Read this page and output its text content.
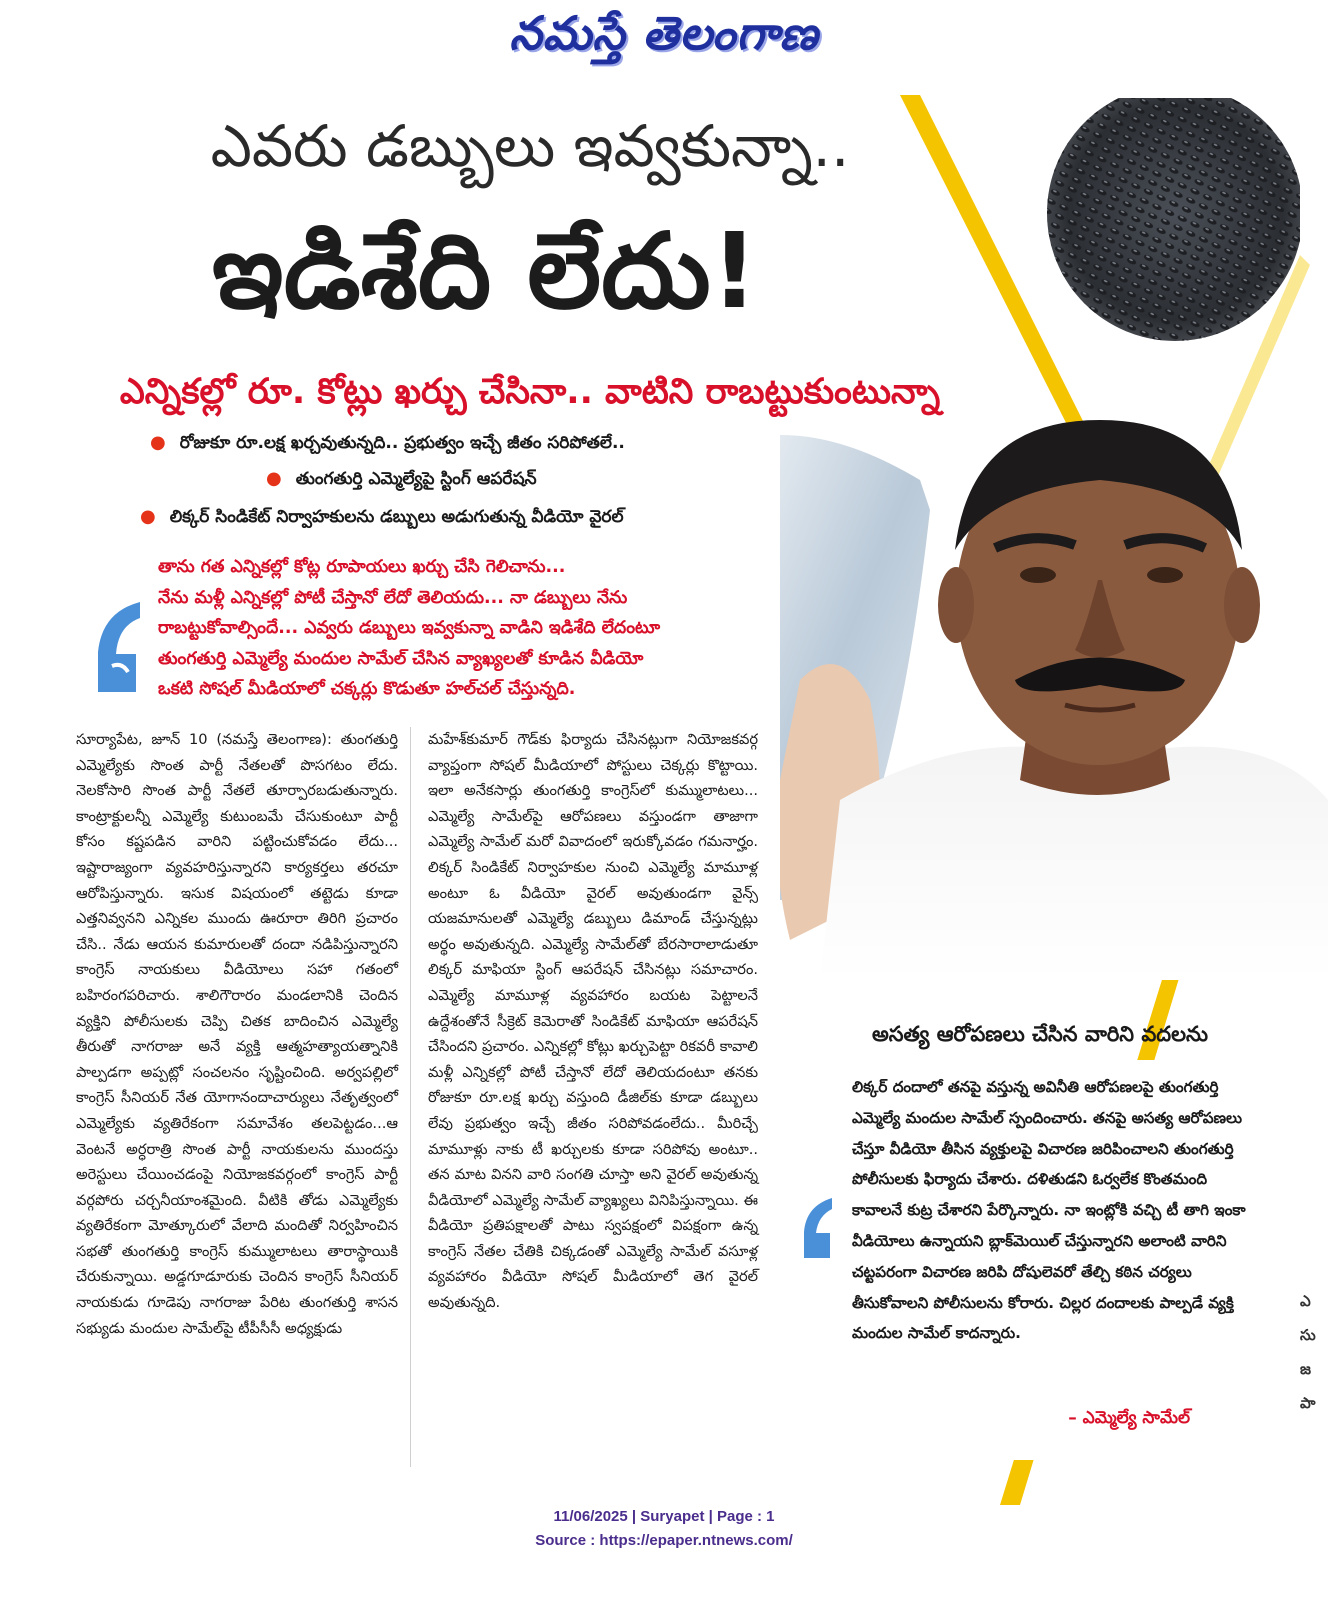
నమస్తే తెలంగాణ
ఎవరు డబ్బులు ఇవ్వకున్నా..
ఇడిశేది లేదు!
ఎన్నికల్లో రూ. కోట్లు ఖర్చు చేసినా.. వాటిని రాబట్టుకుంటున్నా
● రోజుకూ రూ.లక్ష ఖర్చవుతున్నది.. ప్రభుత్వం ఇచ్చే జీతం సరిపోతలే..
● తుంగతుర్తి ఎమ్మెల్యేపై స్టింగ్ ఆపరేషన్
● లిక్కర్ సిండికేట్ నిర్వాహకులను డబ్బులు అడుగుతున్న వీడియో వైరల్
తాను గత ఎన్నికల్లో కోట్ల రూపాయలు ఖర్చు చేసి గెలిచాను...
నేను మళ్లీ ఎన్నికల్లో పోటీ చేస్తానో లేదో తెలియదు... నా డబ్బులు నేను
రాబట్టుకోవాల్సిందే... ఎవ్వరు డబ్బులు ఇవ్వకున్నా వాడిని ఇడిశేది లేదంటూ
తుంగతుర్తి ఎమ్మెల్యే మందుల సామేల్ చేసిన వ్యాఖ్యలతో కూడిన వీడియో
ఒకటి సోషల్ మీడియాలో చక్కర్లు కొడుతూ హల్‌చల్ చేస్తున్నది.
సూర్యాపేట, జూన్ 10 (నమస్తే తెలంగాణ): తుంగతుర్తి ఎమ్మెల్యేకు సొంత పార్టీ నేతలతో పొసగటం లేదు. నెలకోసారి సొంత పార్టీ నేతలే తూర్పారబడుతున్నారు. కాంట్రాక్టులన్నీ ఎమ్మెల్యే కుటుంబమే చేసుకుంటూ పార్టీ కోసం కష్టపడిన వారిని పట్టించుకోవడం లేదు... ఇష్టారాజ్యంగా వ్యవహరిస్తున్నారని కార్యకర్తలు తరచూ ఆరోపిస్తున్నారు. ఇసుక విషయంలో తట్టెడు కూడా ఎత్తనివ్వనని ఎన్నికల ముందు ఊరూరా తిరిగి ప్రచారం చేసి.. నేడు ఆయన కుమారులతో దందా నడిపిస్తున్నారని కాంగ్రెస్ నాయకులు వీడియోలు సహా గతంలో బహిరంగపరిచారు. శాలిగౌరారం మండలానికి చెందిన వ్యక్తిని పోలీసులకు చెప్పి చితక బాదించిన ఎమ్మెల్యే తీరుతో నాగరాజు అనే వ్యక్తి ఆత్మహత్యాయత్నానికి పాల్పడగా అప్పట్లో సంచలనం సృష్టించింది. అర్వపల్లిలో కాంగ్రెస్ సీనియర్ నేత యోగానందాచార్యులు నేతృత్వంలో ఎమ్మెల్యేకు వ్యతిరేకంగా సమావేశం తలపెట్టడం...ఆ వెంటనే అర్ధరాత్రి సొంత పార్టీ నాయకులను ముందస్తు అరెస్టులు చేయించడంపై నియోజకవర్గంలో కాంగ్రెస్ పార్టీ వర్గపోరు చర్చనీయాంశమైంది. వీటికి తోడు ఎమ్మెల్యేకు వ్యతిరేకంగా మోత్కూరులో వేలాది మందితో నిర్వహించిన సభతో తుంగతుర్తి కాంగ్రెస్ కుమ్ములాటలు తారాస్థాయికి చేరుకున్నాయి. అడ్డగూడూరుకు చెందిన కాంగ్రెస్ సీనియర్ నాయకుడు గూడెపు నాగరాజు పేరిట తుంగతుర్తి శాసన సభ్యుడు మందుల సామేల్‌పై టీపీసీసీ అధ్యక్షుడు
మహేశ్‌కుమార్ గౌడ్‌కు ఫిర్యాదు చేసినట్లుగా నియోజకవర్గ వ్యాప్తంగా సోషల్ మీడియాలో పోస్టులు చెక్కర్లు కొట్టాయి. ఇలా అనేకసార్లు తుంగతుర్తి కాంగ్రెస్‌లో కుమ్ములాటలు... ఎమ్మెల్యే సామేల్‌పై ఆరోపణలు వస్తుండగా తాజాగా ఎమ్మెల్యే సామేల్ మరో వివాదంలో ఇరుక్కోవడం గమనార్హం. లిక్కర్ సిండికేట్ నిర్వాహకుల నుంచి ఎమ్మెల్యే మామూళ్ల అంటూ ఓ వీడియో వైరల్ అవుతుండగా వైన్స్ యజమానులతో ఎమ్మెల్యే డబ్బులు డిమాండ్ చేస్తున్నట్లు అర్థం అవుతున్నది. ఎమ్మెల్యే సామేల్‌తో బేరసారాలాడుతూ లిక్కర్ మాఫియా స్టింగ్ ఆపరేషన్ చేసినట్లు సమాచారం. ఎమ్మెల్యే మామూళ్ల వ్యవహారం బయట పెట్టాలనే ఉద్దేశంతోనే సీక్రెట్ కెమెరాతో సిండికేట్ మాఫియా ఆపరేషన్ చేసిందని ప్రచారం. ఎన్నికల్లో కోట్లు ఖర్చుపెట్టా రికవరీ కావాలి మళ్లీ ఎన్నికల్లో పోటీ చేస్తానో లేదో తెలియదంటూ తనకు రోజుకూ రూ.లక్ష ఖర్చు వస్తుంది డీజిల్‌కు కూడా డబ్బులు లేవు ప్రభుత్వం ఇచ్చే జీతం సరిపోవడంలేదు.. మీరిచ్చే మామూళ్లు నాకు టీ ఖర్చులకు కూడా సరిపోవు అంటూ.. తన మాట వినని వారి సంగతి చూస్తా అని వైరల్ అవుతున్న వీడియోలో ఎమ్మెల్యే సామేల్ వ్యాఖ్యలు వినిపిస్తున్నాయి. ఈ వీడియో ప్రతిపక్షాలతో పాటు స్వపక్షంలో విపక్షంగా ఉన్న కాంగ్రెస్ నేతల చేతికి చిక్కడంతో ఎమ్మెల్యే సామేల్ వసూళ్ల వ్యవహారం వీడియో సోషల్ మీడియాలో తెగ వైరల్ అవుతున్నది.
అసత్య ఆరోపణలు చేసిన వారిని వదలను
లిక్కర్ దందాలో తనపై వస్తున్న అవినీతి ఆరోపణలపై తుంగతుర్తి ఎమ్మెల్యే మందుల సామేల్ స్పందించారు. తనపై అసత్య ఆరోపణలు చేస్తూ వీడియో తీసిన వ్యక్తులపై విచారణ జరిపించాలని తుంగతుర్తి పోలీసులకు ఫిర్యాదు చేశారు. దళితుడని ఓర్వలేక కొంతమంది కావాలనే కుట్ర చేశారని పేర్కొన్నారు. నా ఇంట్లోకి వచ్చి టీ తాగి ఇంకా వీడియోలు ఉన్నాయని బ్లాక్‌మెయిల్ చేస్తున్నారని అలాంటి వారిని చట్టపరంగా విచారణ జరిపి దోషులెవరో తేల్చి కఠిన చర్యలు తీసుకోవాలని పోలీసులను కోరారు. చిల్లర దందాలకు పాల్పడే వ్యక్తి మందుల సామేల్ కాదన్నారు.
– ఎమ్మెల్యే సామేల్
ఎ
సు
జ
పా
11/06/2025 | Suryapet | Page : 1
Source : https://epaper.ntnews.com/
